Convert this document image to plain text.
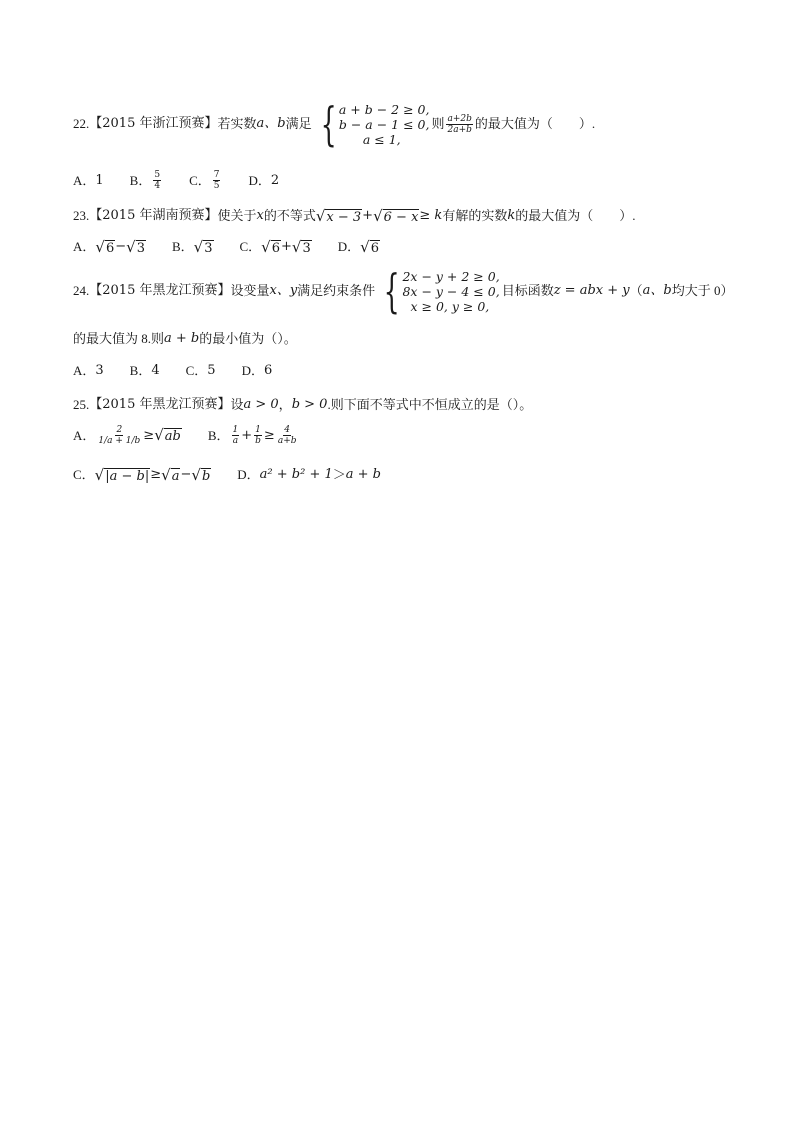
22. 【2015 年浙江预赛】 若实数 a、b 满足 { a + b − 2 ≥ 0,
b − a − 1 ≤ 0,
a ≤ 1,
则 $\frac{a+2b}{2a+b}$ 的最大值为（　　）.
A． 1 B． $\frac{5}{4}$ C． $\frac{7}{5}$ D． 2
23. 【2015 年湖南预赛】 使关于 x 的不等式 √ x − 3 + √ 6 − x ≥ k 有解的实数 k 的最大值为（　　）.
A． √ 6 − √ 3 B． √ 3 C． √ 6 + √ 3 D． √ 6
24. 【2015 年黑龙江预赛】 设变量 x、y 满足约束条件 { 2x − y + 2 ≥ 0,
8x − y − 4 ≤ 0,
x ≥ 0, y ≥ 0,
目标函数 z = abx + y （ a、b 均大于 0）
的最大值为 8.则 a + b 的最小值为（）。
A． 3 B． 4 C． 5 D． 6
25. 【2015 年黑龙江预赛】 设 a > 0 ， b > 0 .则下面不等式中不恒成立的是（）。
A． $\frac{2}{1/a + 1/b}$ ≥ √ ab B． $\frac{1}{a} + \frac{1}{b} \ge \frac{4}{a+b}$
C． √ |a − b| ≥ √ a − √ b D． a² + b² + 1 ＞ a + b
